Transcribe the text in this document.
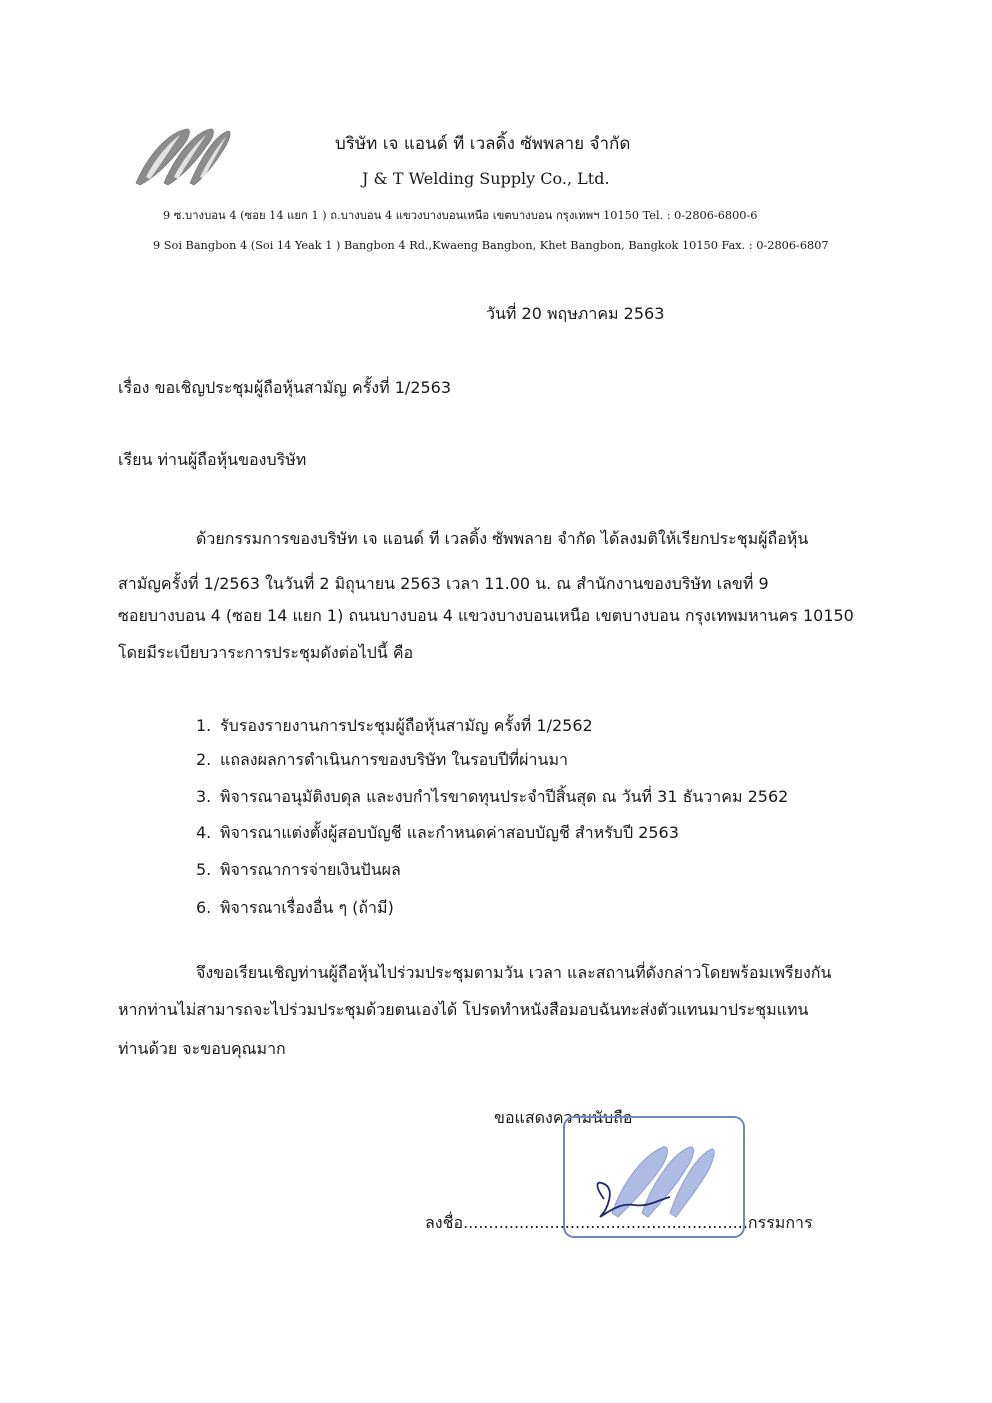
บริษัท เจ แอนด์ ที เวลดิ้ง ซัพพลาย จำกัด
J & T Welding Supply Co., Ltd.
9 ซ.บางบอน 4 (ซอย 14 แยก 1 ) ถ.บางบอน 4 แขวงบางบอนเหนือ เขตบางบอน กรุงเทพฯ 10150 Tel. : 0-2806-6800-6
9 Soi Bangbon 4 (Soi 14 Yeak 1 ) Bangbon 4 Rd.,Kwaeng Bangbon, Khet Bangbon, Bangkok 10150 Fax. : 0-2806-6807
วันที่ 20 พฤษภาคม 2563
เรื่อง ขอเชิญประชุมผู้ถือหุ้นสามัญ ครั้งที่ 1/2563
เรียน ท่านผู้ถือหุ้นของบริษัท
ด้วยกรรมการของบริษัท เจ แอนด์ ที เวลดิ้ง ซัพพลาย จำกัด ได้ลงมติให้เรียกประชุมผู้ถือหุ้น
สามัญครั้งที่ 1/2563 ในวันที่ 2 มิถุนายน 2563 เวลา 11.00 น. ณ สำนักงานของบริษัท เลขที่ 9
ซอยบางบอน 4 (ซอย 14 แยก 1) ถนนบางบอน 4 แขวงบางบอนเหนือ เขตบางบอน กรุงเทพมหานคร 10150
โดยมีระเบียบวาระการประชุมดังต่อไปนี้ คือ
1. รับรองรายงานการประชุมผู้ถือหุ้นสามัญ ครั้งที่ 1/2562
2. แถลงผลการดำเนินการของบริษัท ในรอบปีที่ผ่านมา
3. พิจารณาอนุมัติงบดุล และงบกำไรขาดทุนประจำปีสิ้นสุด ณ วันที่ 31 ธันวาคม 2562
4. พิจารณาแต่งตั้งผู้สอบบัญชี และกำหนดค่าสอบบัญชี สำหรับปี 2563
5. พิจารณาการจ่ายเงินปันผล
6. พิจารณาเรื่องอื่น ๆ (ถ้ามี)
จึงขอเรียนเชิญท่านผู้ถือหุ้นไปร่วมประชุมตามวัน เวลา และสถานที่ดังกล่าวโดยพร้อมเพรียงกัน
หากท่านไม่สามารถจะไปร่วมประชุมด้วยตนเองได้ โปรดทำหนังสือมอบฉันทะส่งตัวแทนมาประชุมแทน
ท่านด้วย จะขอบคุณมาก
ขอแสดงความนับถือ
ลงชื่อ........................................................กรรมการ
